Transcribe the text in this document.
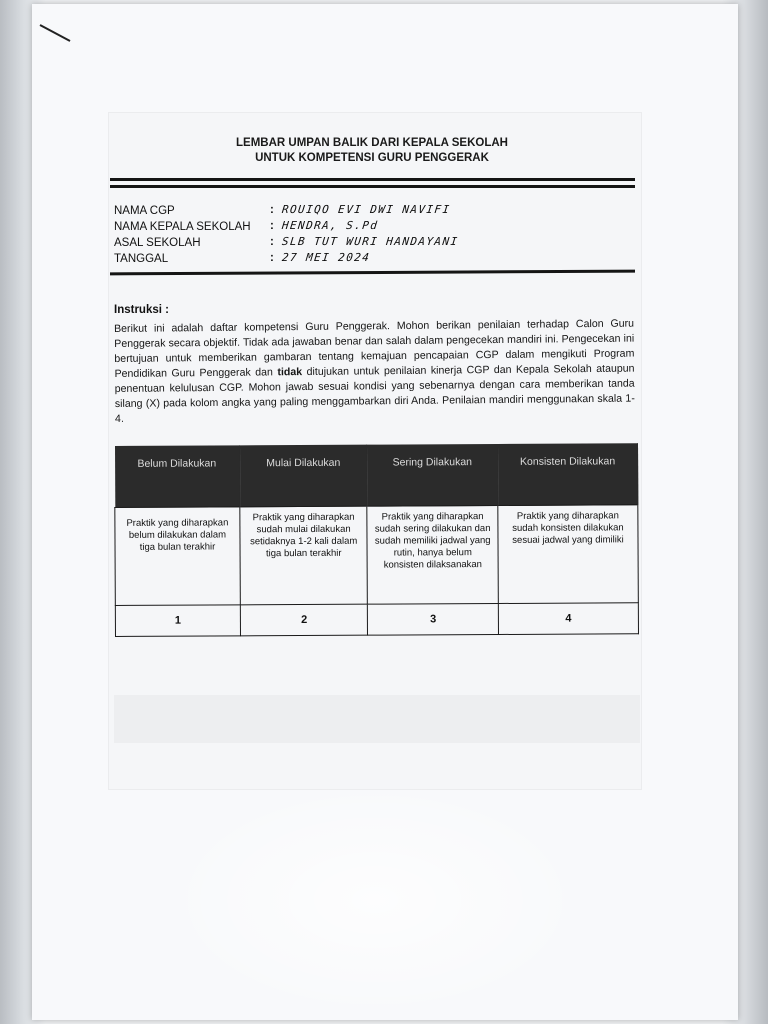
LEMBAR UMPAN BALIK DARI KEPALA SEKOLAH
UNTUK KOMPETENSI GURU PENGGERAK
NAMA CGP	: ROUIQO EVI DWI NAVIFI
NAMA KEPALA SEKOLAH : HENDRA, S.Pd
ASAL SEKOLAH	: SLB TUT WURI HANDAYANI
TANGGAL	: 27 MEI 2024
Instruksi :
Berikut ini adalah daftar kompetensi Guru Penggerak. Mohon berikan penilaian terhadap Calon Guru Penggerak secara objektif. Tidak ada jawaban benar dan salah dalam pengecekan mandiri ini. Pengecekan ini bertujuan untuk memberikan gambaran tentang kemajuan pencapaian CGP dalam mengikuti Program Pendidikan Guru Penggerak dan tidak ditujukan untuk penilaian kinerja CGP dan Kepala Sekolah ataupun penentuan kelulusan CGP. Mohon jawab sesuai kondisi yang sebenarnya dengan cara memberikan tanda silang (X) pada kolom angka yang paling menggambarkan diri Anda. Penilaian mandiri menggunakan skala 1-4.
Belum Dilakukan	Mulai Dilakukan	Sering Dilakukan	Konsisten Dilakukan
Praktik yang diharapkan belum dilakukan dalam tiga bulan terakhir	Praktik yang diharapkan sudah mulai dilakukan setidaknya 1-2 kali dalam tiga bulan terakhir	Praktik yang diharapkan sudah sering dilakukan dan sudah memiliki jadwal yang rutin, hanya belum konsisten dilaksanakan	Praktik yang diharapkan sudah konsisten dilakukan sesuai jadwal yang dimiliki
1	2	3	4
